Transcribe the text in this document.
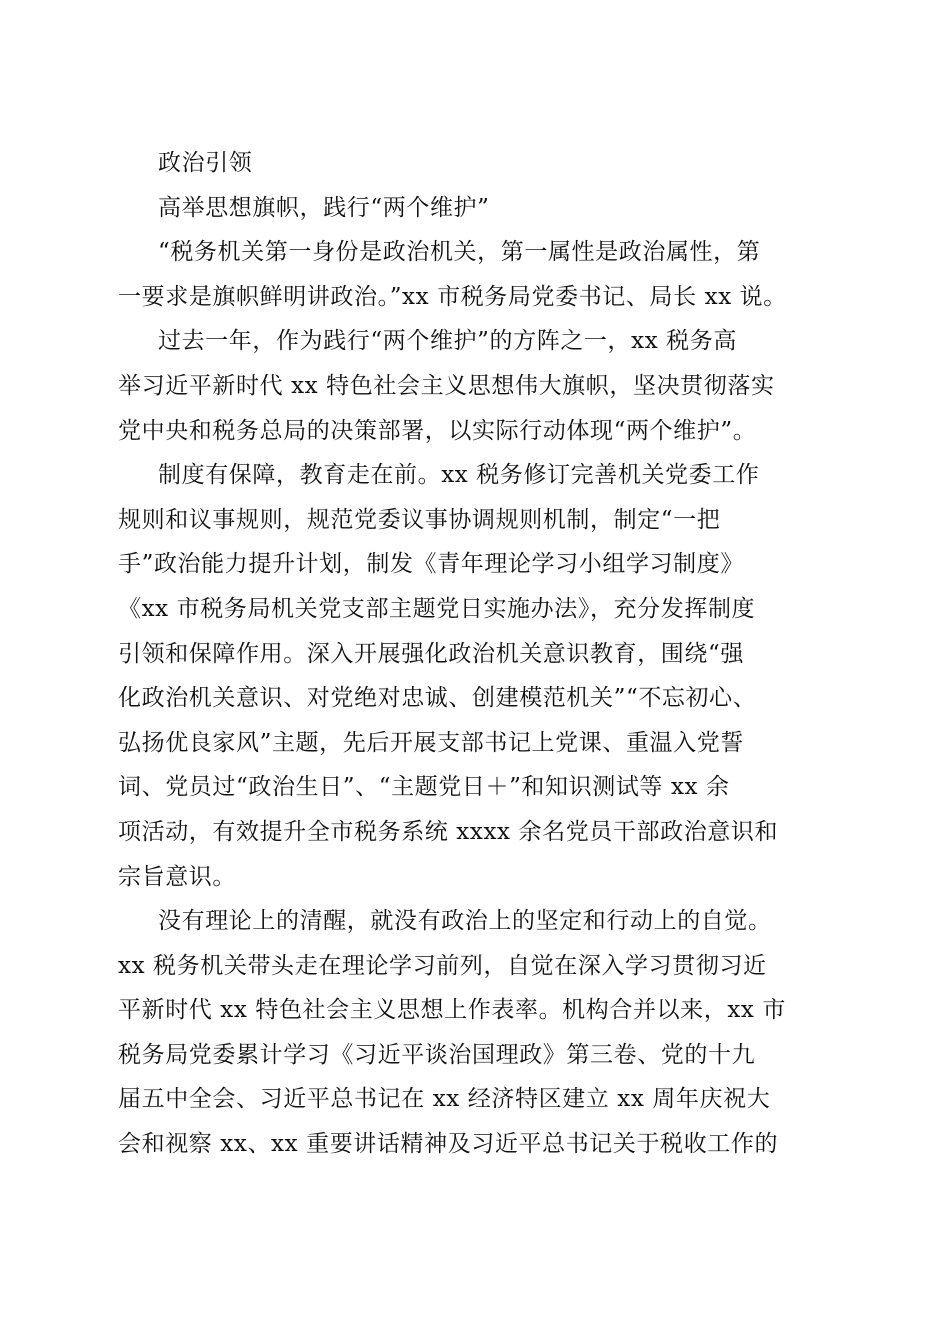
政治引领
高举思想旗帜，践行“两个维护”
“税务机关第一身份是政治机关，第一属性是政治属性，第
一要求是旗帜鲜明讲政治。”xx 市税务局党委书记、局长 xx 说。
过去一年，作为践行“两个维护”的方阵之一，xx 税务高
举习近平新时代 xx 特色社会主义思想伟大旗帜，坚决贯彻落实
党中央和税务总局的决策部署，以实际行动体现“两个维护”。
制度有保障，教育走在前。xx 税务修订完善机关党委工作
规则和议事规则，规范党委议事协调规则机制，制定“一把
手”政治能力提升计划，制发《青年理论学习小组学习制度》
《xx 市税务局机关党支部主题党日实施办法》，充分发挥制度
引领和保障作用。深入开展强化政治机关意识教育，围绕“强
化政治机关意识、对党绝对忠诚、创建模范机关”“不忘初心、
弘扬优良家风”主题，先后开展支部书记上党课、重温入党誓
词、党员过“政治生日”、“主题党日＋”和知识测试等 xx 余
项活动，有效提升全市税务系统 xxxx 余名党员干部政治意识和
宗旨意识。
没有理论上的清醒，就没有政治上的坚定和行动上的自觉。
xx 税务机关带头走在理论学习前列，自觉在深入学习贯彻习近
平新时代 xx 特色社会主义思想上作表率。机构合并以来，xx 市
税务局党委累计学习《习近平谈治国理政》第三卷、党的十九
届五中全会、习近平总书记在 xx 经济特区建立 xx 周年庆祝大
会和视察 xx、xx 重要讲话精神及习近平总书记关于税收工作的
